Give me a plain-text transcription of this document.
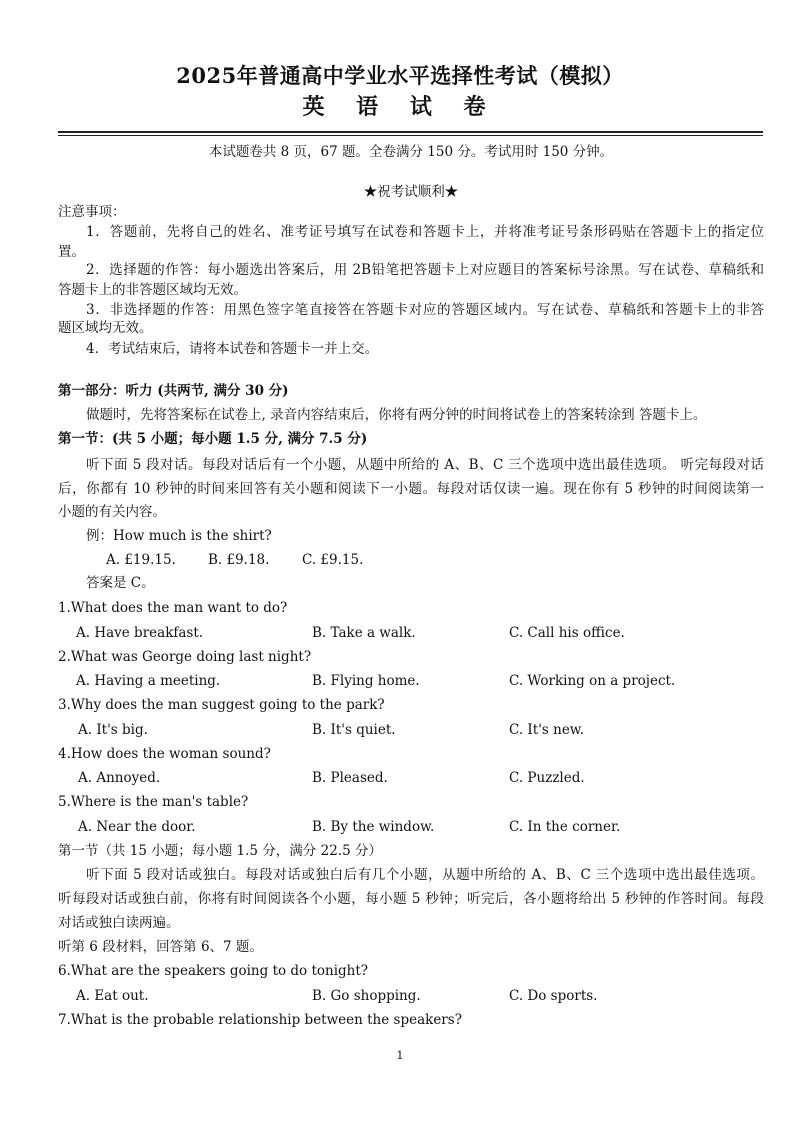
2025年普通高中学业水平选择性考试（模拟）
英 语 试 卷
本试题卷共 8 页，67 题。全卷满分 150 分。考试用时 150 分钟。
★祝考试顺利★
注意事项：
1．答题前，先将自己的姓名、准考证号填写在试卷和答题卡上，并将准考证号条形码贴在答题卡上的指定位
置。
2．选择题的作答：每小题选出答案后，用 2B铅笔把答题卡上对应题目的答案标号涂黑。写在试卷、草稿纸和
答题卡上的非答题区域均无效。
3．非选择题的作答：用黑色签字笔直接答在答题卡对应的答题区域内。写在试卷、草稿纸和答题卡上的非答
题区域均无效。
4．考试结束后，请将本试卷和答题卡一并上交。
第一部分：听力 (共两节, 满分 30 分)
做题时，先将答案标在试卷上, 录音内容结束后，你将有两分钟的时间将试卷上的答案转涂到 答题卡上。
第一节：(共 5 小题；每小题 1.5 分, 满分 7.5 分)
听下面 5 段对话。每段对话后有一个小题，从题中所给的 A、B、C 三个选项中选出最佳选项。 听完每段对话
后，你都有 10 秒钟的时间来回答有关小题和阅读下一小题。每段对话仅读一遍。现在你有 5 秒钟的时间阅读第一
小题的有关内容。
例：How much is the shirt?
A. £19.15. B. £9.18. C. £9.15.
答案是 C。
1.What does the man want to do?
A. Have breakfast.	B. Take a walk.	C. Call his office.
2.What was George doing last night?
A. Having a meeting.	B. Flying home.	C. Working on a project.
3.Why does the man suggest going to the park?
A. It's big.	B. It's quiet.	C. It's new.
4.How does the woman sound?
A. Annoyed.	B. Pleased.	C. Puzzled.
5.Where is the man's table?
A. Near the door.	B. By the window.	C. In the corner.
第一节（共 15 小题；每小题 1.5 分，满分 22.5 分）
听下面 5 段对话或独白。每段对话或独白后有几个小题，从题中所给的 A、B、C 三个选项中选出最佳选项。
听每段对话或独白前，你将有时间阅读各个小题，每小题 5 秒钟；听完后，各小题将给出 5 秒钟的作答时间。每段
对话或独白读两遍。
听第 6 段材料，回答第 6、7 题。
6.What are the speakers going to do tonight?
A. Eat out.	B. Go shopping.	C. Do sports.
7.What is the probable relationship between the speakers?
1
